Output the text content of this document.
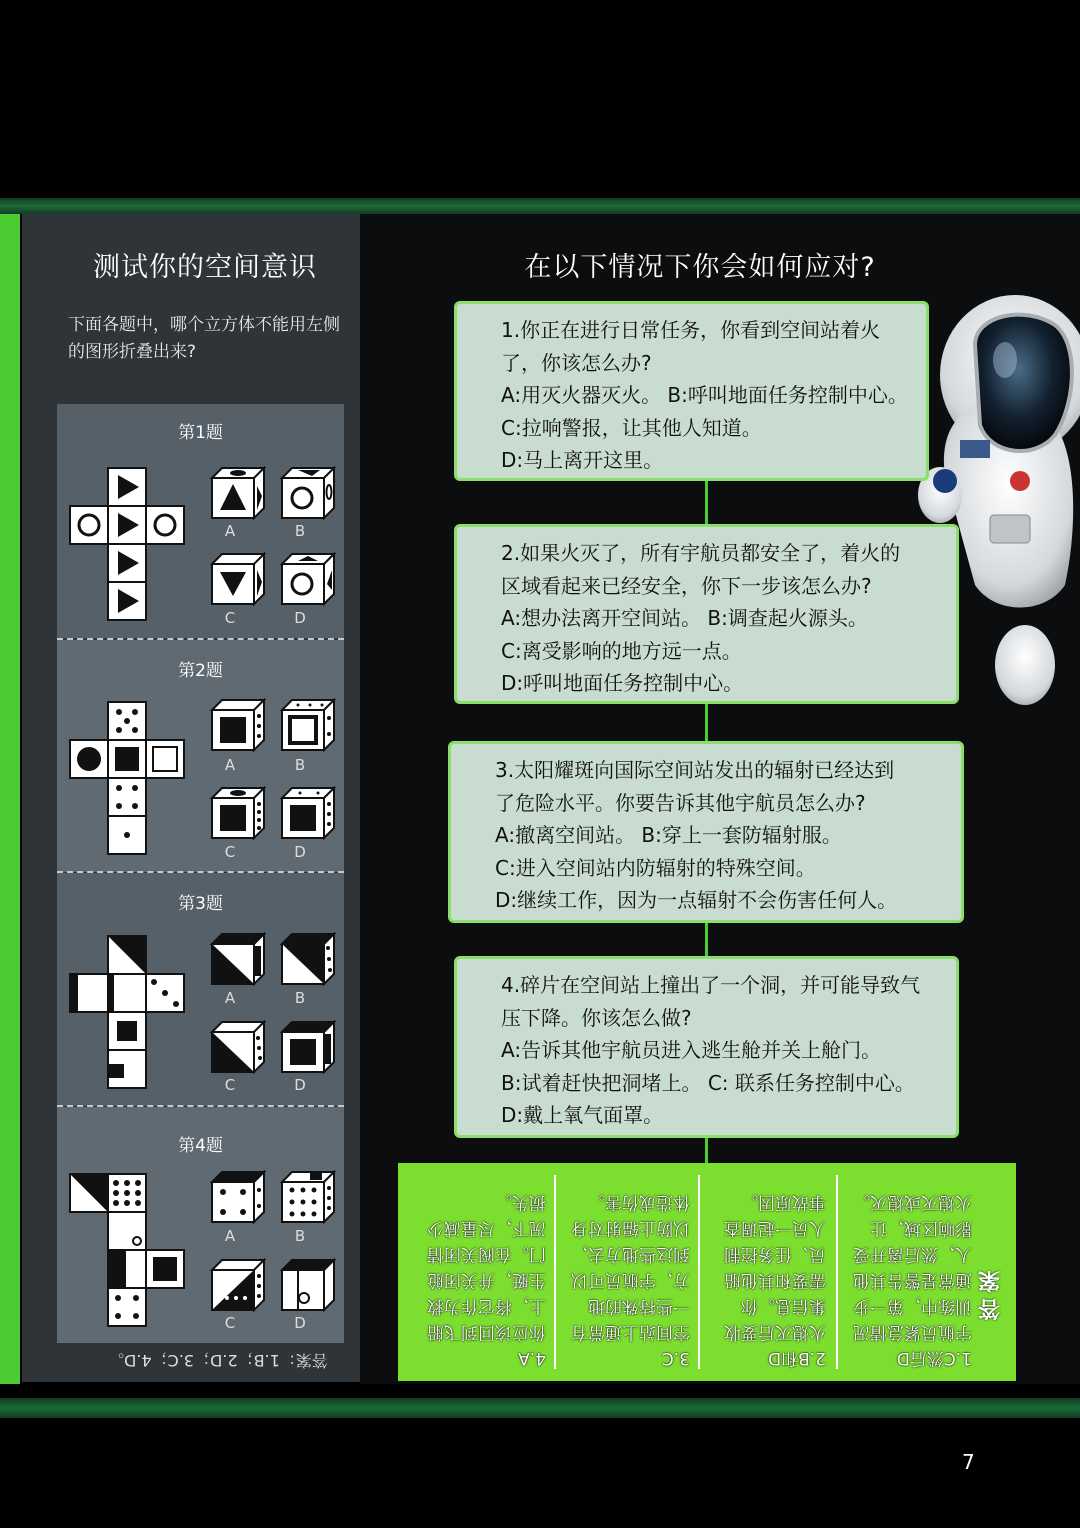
测试你的空间意识
下面各题中，哪个立方体不能用左侧的图形折叠出来?
第1题
第2题
第3题
第4题
A	B
C	D
A	B
C	D
A	B
C	D
A	B
C	D
答案：1.B；2.D；3.C；4.D。
在以下情况下你会如何应对?
1.你正在进行日常任务，你看到空间站着火
了，你该怎么办?
A:用灭火器灭火。 B:呼叫地面任务控制中心。
C:拉响警报，让其他人知道。
D:马上离开这里。
2.如果火灭了，所有宇航员都安全了，着火的
区域看起来已经安全，你下一步该怎么办?
A:想办法离开空间站。 B:调查起火源头。
C:离受影响的地方远一点。
D:呼叫地面任务控制中心。
3.太阳耀斑向国际空间站发出的辐射已经达到
了危险水平。你要告诉其他宇航员怎么办?
A:撤离空间站。 B:穿上一套防辐射服。
C:进入空间站内防辐射的特殊空间。
D:继续工作，因为一点辐射不会伤害任何人。
4.碎片在空间站上撞出了一个洞，并可能导致气
压下降。你该怎么做?
A:告诉其他宇航员进入逃生舱并关上舱门。
B:试着赶快把洞堵上。 C: 联系任务控制中心。
D:戴上氧气面罩。
答案
1.C然后D
宇航员紧急情况
训练中，第一步
通常是警告其他
人，然后离开受
影响区域，让
火熄灭或熄灭。
2.B和D
火熄灭后要收
集信息。你
需要和其他船
员、任务控制
人员一起调查
事故原因。
3.C
空间站上通常有
一些特殊的地
方，宇航员可以
到这些地方去，
以防止辐射对身
体造成伤害。
4.A
你应该回到飞船
上，将它作为救
生艇，并关闭舱
门。在阀关闭情
况下，尽量减少
损失。
7
